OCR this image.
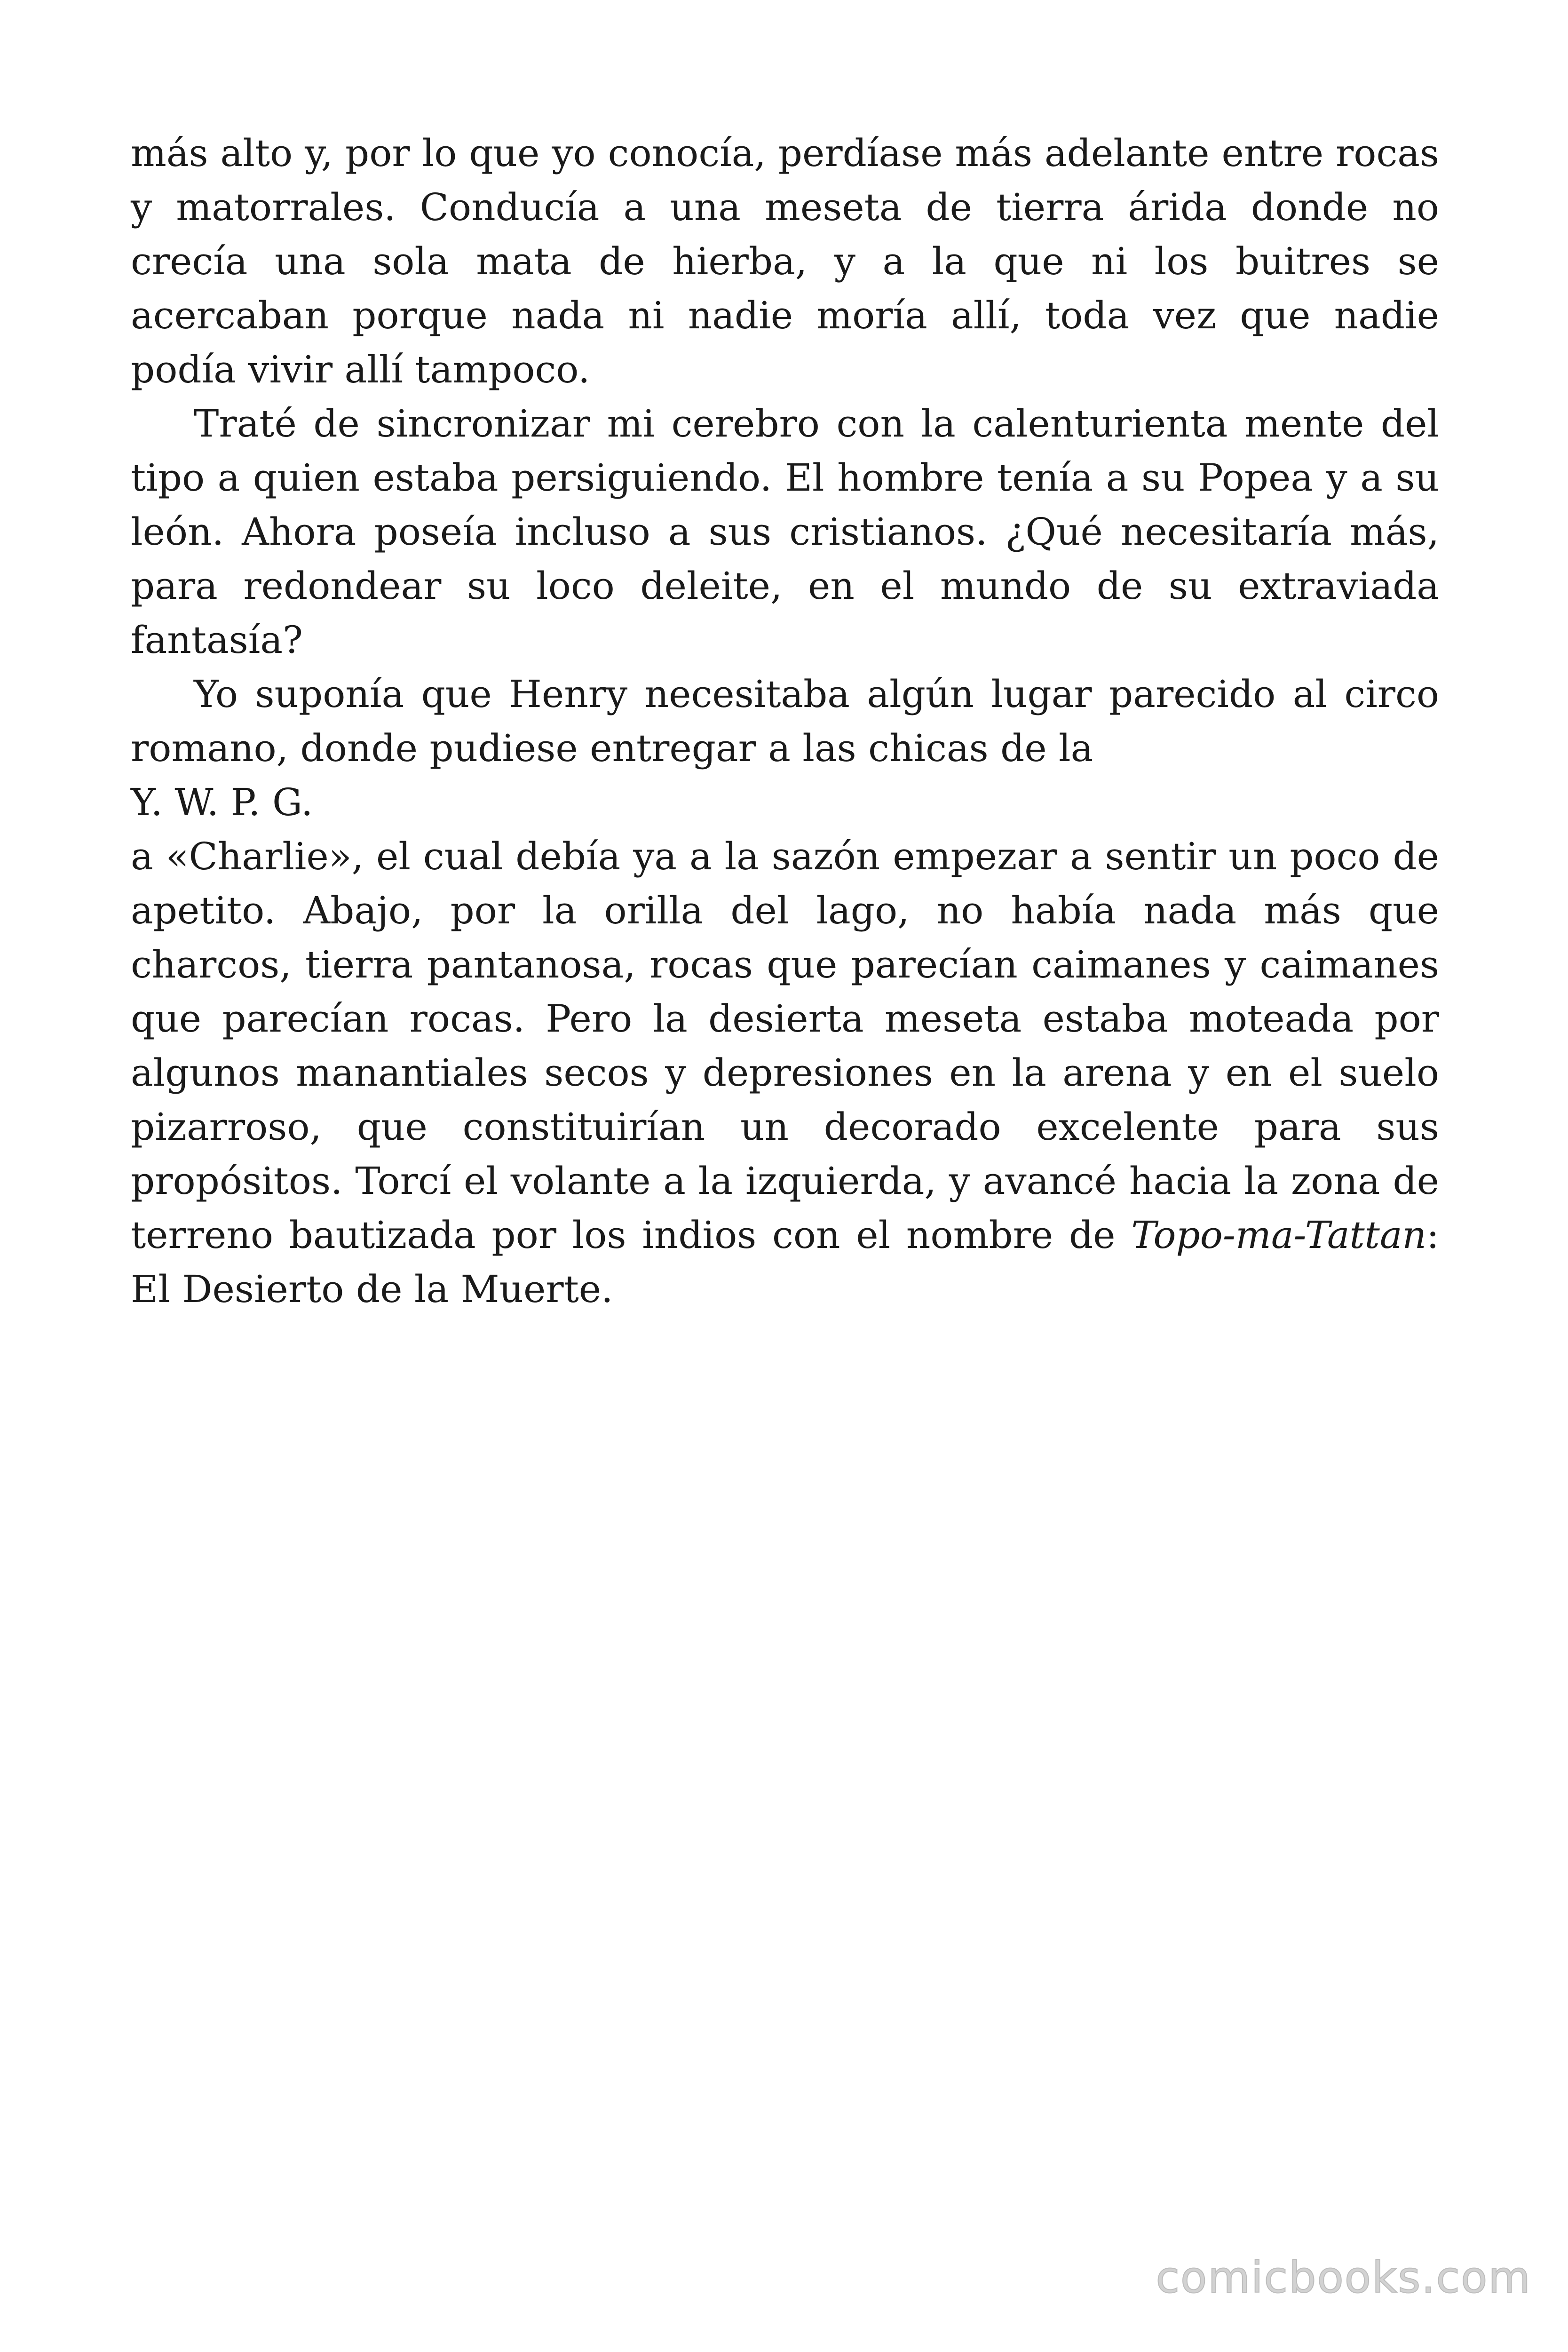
más alto y, por lo que yo conocía, perdíase más adelante entre rocas y matorrales. Conducía a una meseta de tierra árida donde no crecía una sola mata de hierba, y a la que ni los buitres se acercaban porque nada ni nadie moría allí, toda vez que nadie podía vivir allí tampoco.

Traté de sincronizar mi cerebro con la calenturienta mente del tipo a quien estaba persiguiendo. El hombre tenía a su Popea y a su león. Ahora poseía incluso a sus cristianos. ¿Qué necesitaría más, para redondear su loco deleite, en el mundo de su extraviada fantasía?

Yo suponía que Henry necesitaba algún lugar parecido al circo romano, donde pudiese entregar a las chicas de la

Y. W. P. G.

a «Charlie», el cual debía ya a la sazón empezar a sentir un poco de apetito. Abajo, por la orilla del lago, no había nada más que charcos, tierra pantanosa, rocas que parecían caimanes y caimanes que parecían rocas. Pero la desierta meseta estaba moteada por algunos manantiales secos y depresiones en la arena y en el suelo pizarroso, que constituirían un decorado excelente para sus propósitos. Torcí el volante a la izquierda, y avancé hacia la zona de terreno bautizada por los indios con el nombre de Topo-ma-Tattan: El Desierto de la Muerte.

comicbooks.com
